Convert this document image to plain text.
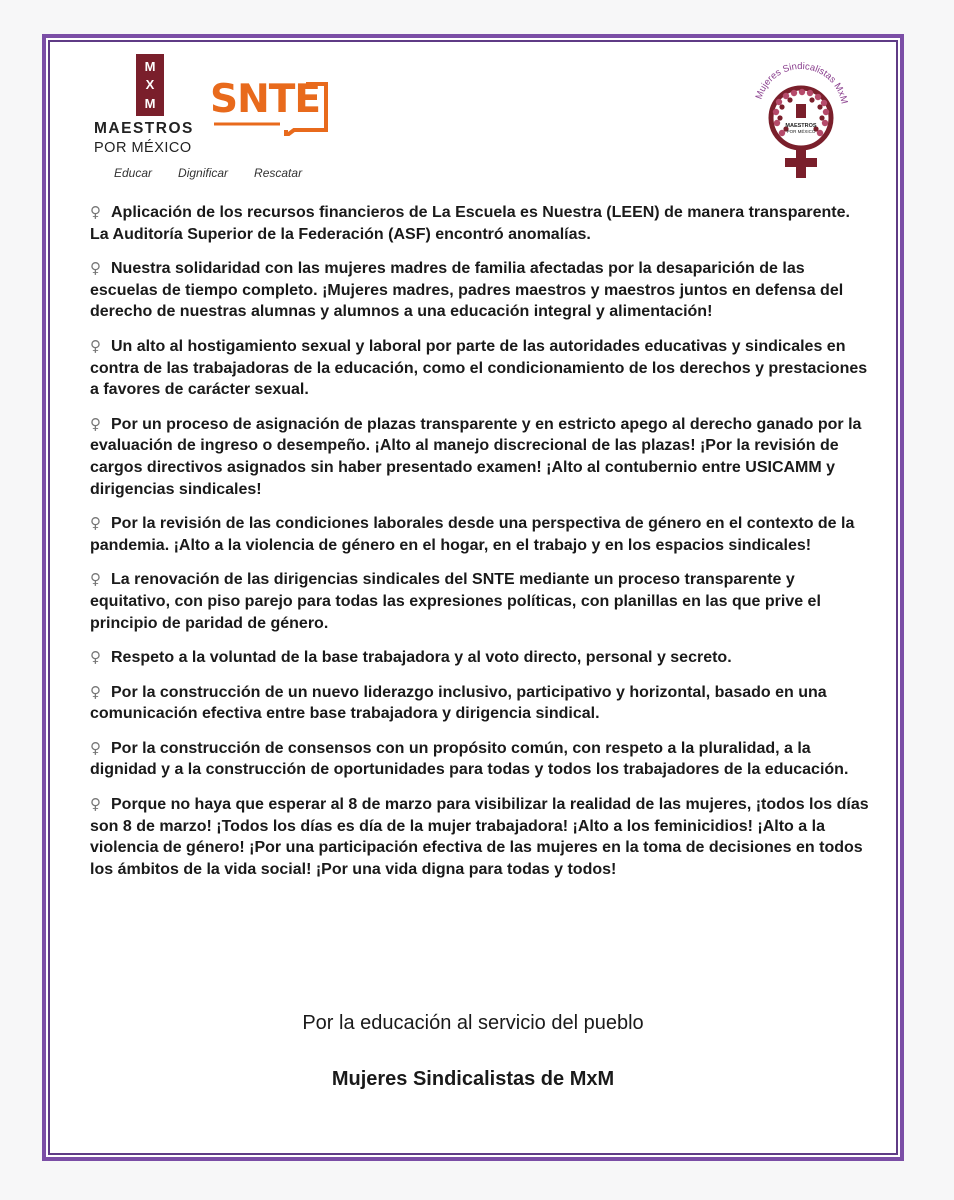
M
X
M
MAESTROS
POR MÉXICO
Educar Dignificar Rescatar
SNTE	Mujeres Sindicalistas MxM
MAESTROS
POR MÉXICO

♀ Aplicación de los recursos financieros de La Escuela es Nuestra (LEEN) de manera transparente. La Auditoría Superior de la Federación (ASF) encontró anomalías.

♀ Nuestra solidaridad con las mujeres madres de familia afectadas por la desaparición de las escuelas de tiempo completo. ¡Mujeres madres, padres maestros y maestros juntos en defensa del derecho de nuestras alumnas y alumnos a una educación integral y alimentación!

♀ Un alto al hostigamiento sexual y laboral por parte de las autoridades educativas y sindicales en contra de las trabajadoras de la educación, como el condicionamiento de los derechos y prestaciones a favores de carácter sexual.

♀ Por un proceso de asignación de plazas transparente y en estricto apego al derecho ganado por la evaluación de ingreso o desempeño. ¡Alto al manejo discrecional de las plazas! ¡Por la revisión de cargos directivos asignados sin haber presentado examen! ¡Alto al contubernio entre USICAMM y dirigencias sindicales!

♀ Por la revisión de las condiciones laborales desde una perspectiva de género en el contexto de la pandemia. ¡Alto a la violencia de género en el hogar, en el trabajo y en los espacios sindicales!

♀ La renovación de las dirigencias sindicales del SNTE mediante un proceso transparente y equitativo, con piso parejo para todas las expresiones políticas, con planillas en las que prive el principio de paridad de género.

♀ Respeto a la voluntad de la base trabajadora y al voto directo, personal y secreto.

♀ Por la construcción de un nuevo liderazgo inclusivo, participativo y horizontal, basado en una comunicación efectiva entre base trabajadora y dirigencia sindical.

♀ Por la construcción de consensos con un propósito común, con respeto a la pluralidad, a la dignidad y a la construcción de oportunidades para todas y todos los trabajadores de la educación.

♀ Porque no haya que esperar al 8 de marzo para visibilizar la realidad de las mujeres, ¡todos los días son 8 de marzo! ¡Todos los días es día de la mujer trabajadora! ¡Alto a los feminicidios! ¡Alto a la violencia de género! ¡Por una participación efectiva de las mujeres en la toma de decisiones en todos los ámbitos de la vida social! ¡Por una vida digna para todas y todos!

Por la educación al servicio del pueblo
Mujeres Sindicalistas de MxM
